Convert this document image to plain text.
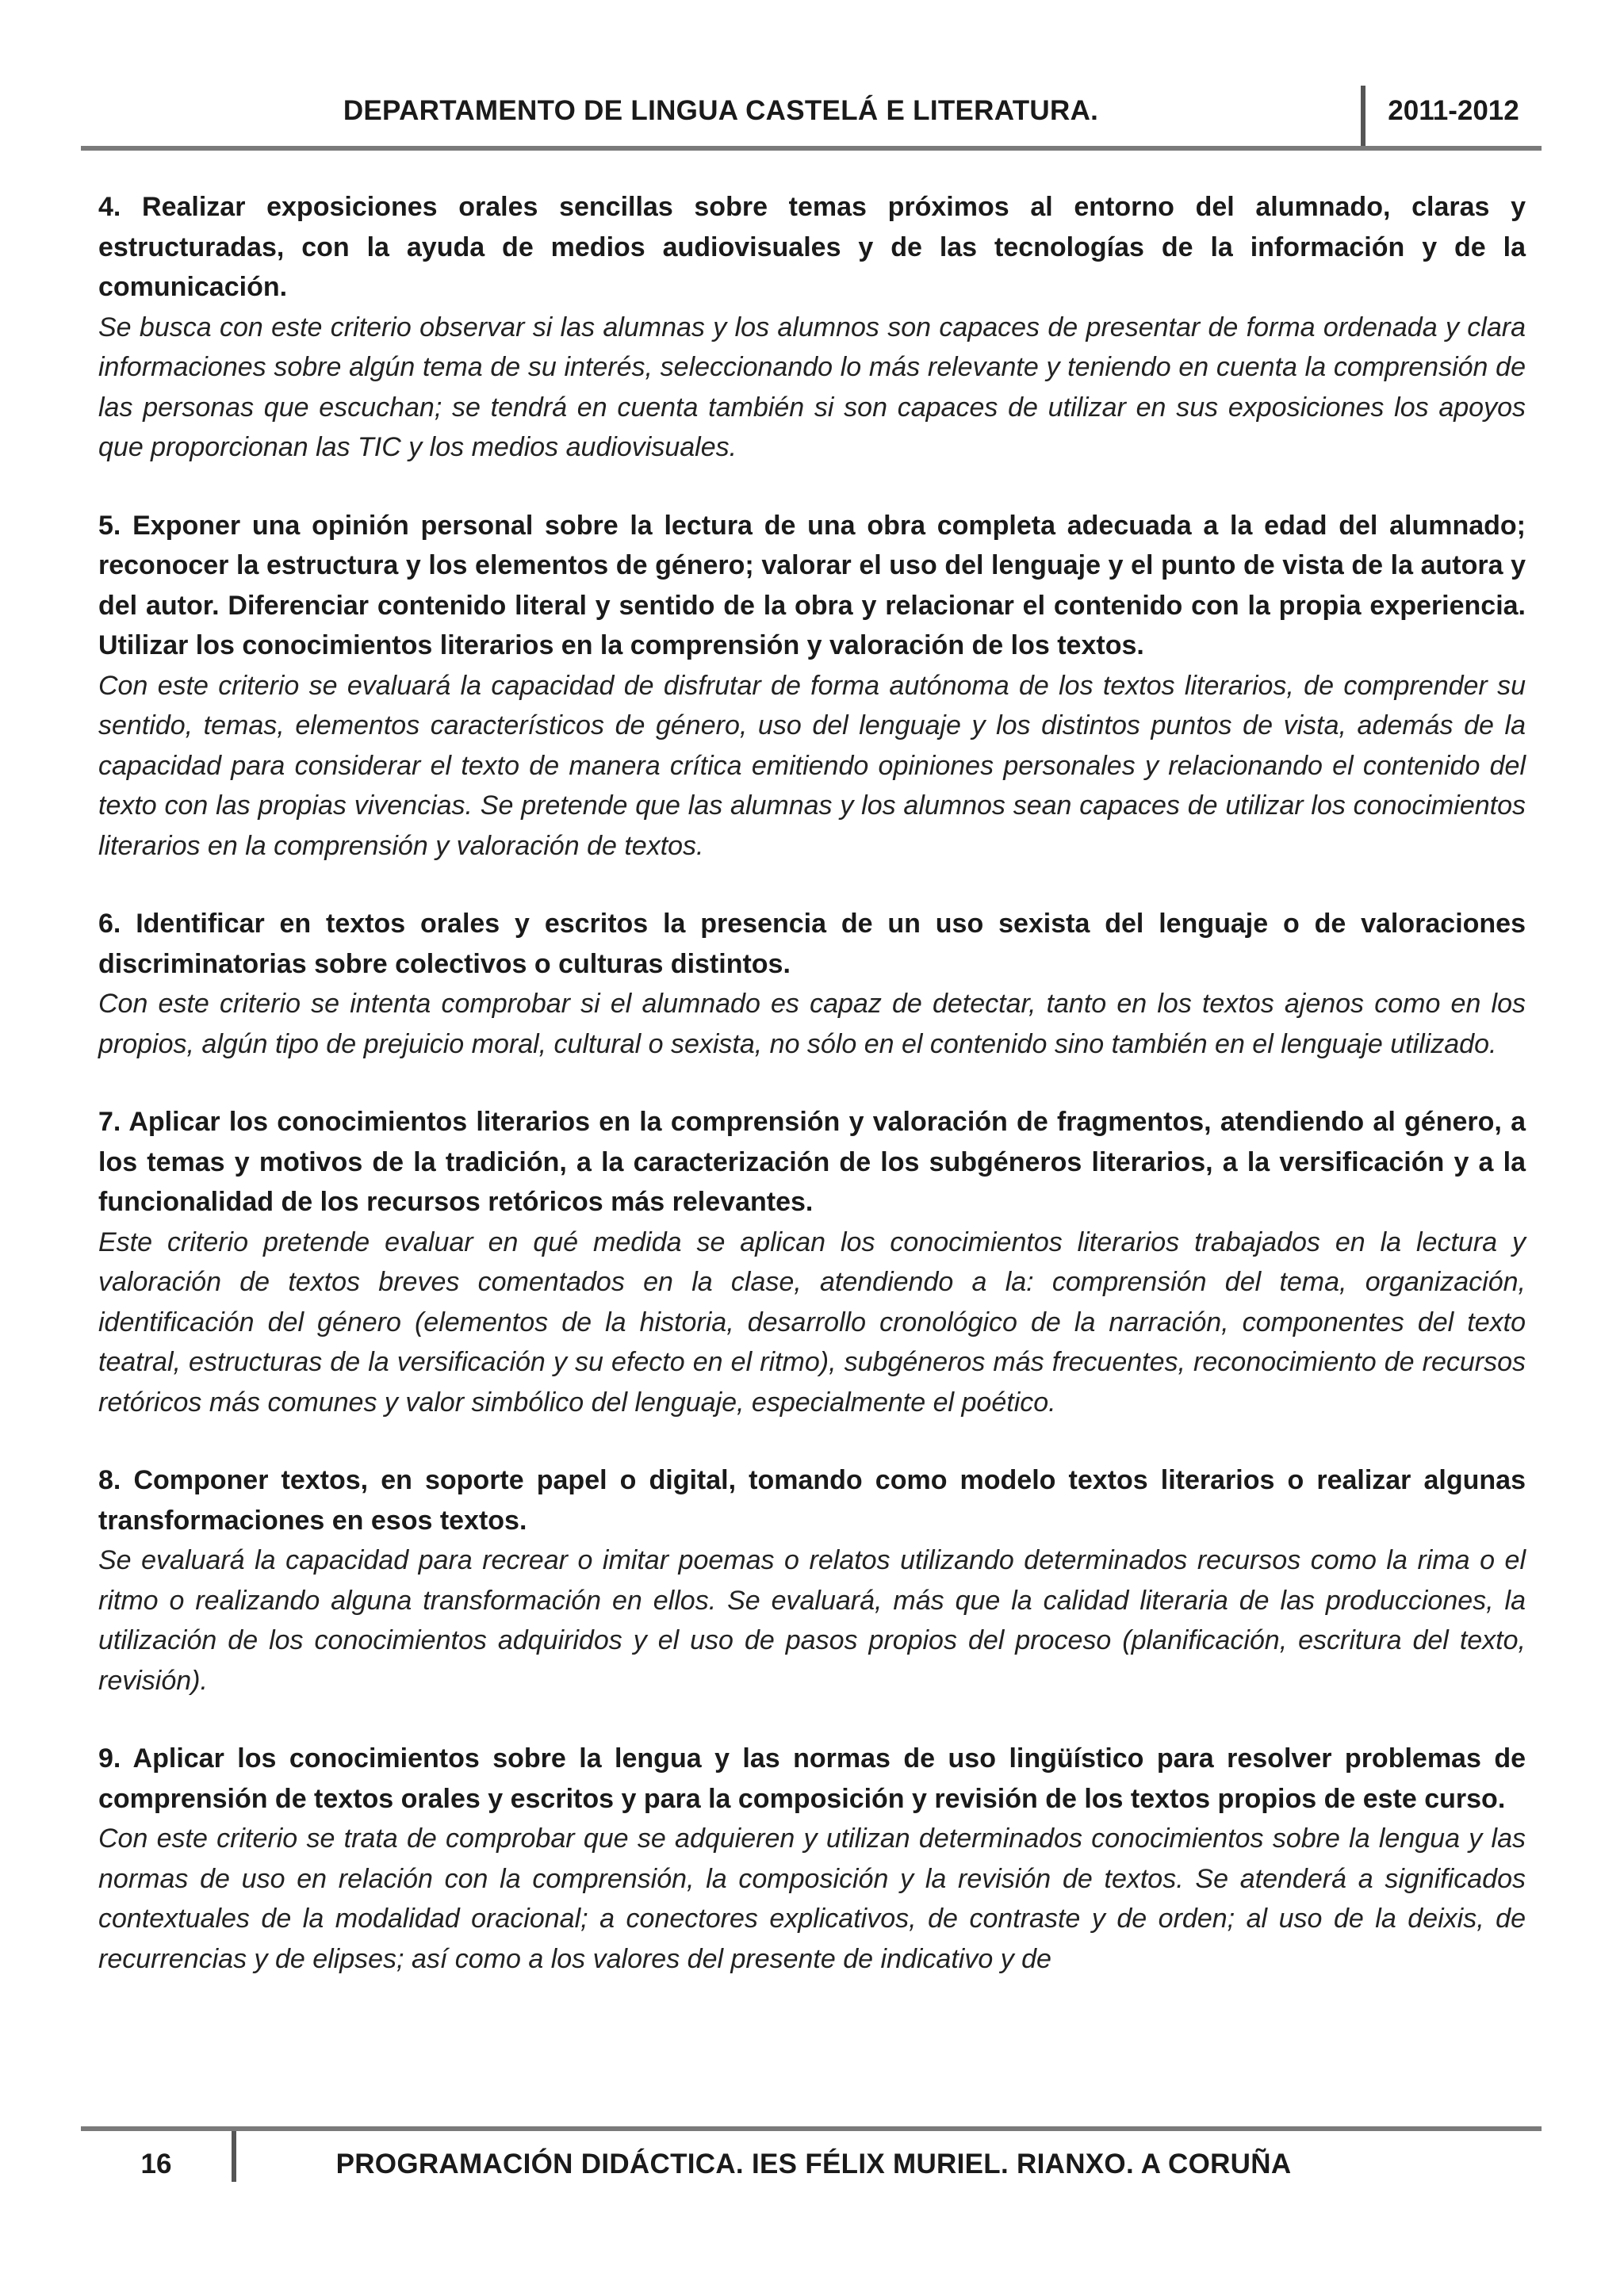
DEPARTAMENTO DE LINGUA CASTELÁ E LITERATURA.	2011-2012

4. Realizar exposiciones orales sencillas sobre temas próximos al entorno del alumnado, claras y estructuradas, con la ayuda de medios audiovisuales y de las tecnologías de la información y de la comunicación.

Se busca con este criterio observar si las alumnas y los alumnos son capaces de presentar de forma ordenada y clara informaciones sobre algún tema de su interés, seleccionando lo más relevante y teniendo en cuenta la comprensión de las personas que escuchan; se tendrá en cuenta también si son capaces de utilizar en sus exposiciones los apoyos que proporcionan las TIC y los medios audiovisuales.

5. Exponer una opinión personal sobre la lectura de una obra completa adecuada a la edad del alumnado; reconocer la estructura y los elementos de género; valorar el uso del lenguaje y el punto de vista de la autora y del autor. Diferenciar contenido literal y sentido de la obra y relacionar el contenido con la propia experiencia. Utilizar los conocimientos literarios en la comprensión y valoración de los textos.

Con este criterio se evaluará la capacidad de disfrutar de forma autónoma de los textos literarios, de comprender su sentido, temas, elementos característicos de género, uso del lenguaje y los distintos puntos de vista, además de la capacidad para considerar el texto de manera crítica emitiendo opiniones personales y relacionando el contenido del texto con las propias vivencias. Se pretende que las alumnas y los alumnos sean capaces de utilizar los conocimientos literarios en la comprensión y valoración de textos.

6. Identificar en textos orales y escritos la presencia de un uso sexista del lenguaje o de valoraciones discriminatorias sobre colectivos o culturas distintos.

Con este criterio se intenta comprobar si el alumnado es capaz de detectar, tanto en los textos ajenos como en los propios, algún tipo de prejuicio moral, cultural o sexista, no sólo en el contenido sino también en el lenguaje utilizado.

7. Aplicar los conocimientos literarios en la comprensión y valoración de fragmentos, atendiendo al género, a los temas y motivos de la tradición, a la caracterización de los subgéneros literarios, a la versificación y a la funcionalidad de los recursos retóricos más relevantes.

Este criterio pretende evaluar en qué medida se aplican los conocimientos literarios trabajados en la lectura y valoración de textos breves comentados en la clase, atendiendo a la: comprensión del tema, organización, identificación del género (elementos de la historia, desarrollo cronológico de la narración, componentes del texto teatral, estructuras de la versificación y su efecto en el ritmo), subgéneros más frecuentes, reconocimiento de recursos retóricos más comunes y valor simbólico del lenguaje, especialmente el poético.

8. Componer textos, en soporte papel o digital, tomando como modelo textos literarios o realizar algunas transformaciones en esos textos.

Se evaluará la capacidad para recrear o imitar poemas o relatos utilizando determinados recursos como la rima o el ritmo o realizando alguna transformación en ellos. Se evaluará, más que la calidad literaria de las producciones, la utilización de los conocimientos adquiridos y el uso de pasos propios del proceso (planificación, escritura del texto, revisión).

9. Aplicar los conocimientos sobre la lengua y las normas de uso lingüístico para resolver problemas de comprensión de textos orales y escritos y para la composición y revisión de los textos propios de este curso.

Con este criterio se trata de comprobar que se adquieren y utilizan determinados conocimientos sobre la lengua y las normas de uso en relación con la comprensión, la composición y la revisión de textos. Se atenderá a significados contextuales de la modalidad oracional; a conectores explicativos, de contraste y de orden; al uso de la deixis, de recurrencias y de elipses; así como a los valores del presente de indicativo y de

16	PROGRAMACIÓN DIDÁCTICA. IES FÉLIX MURIEL. RIANXO. A CORUÑA
